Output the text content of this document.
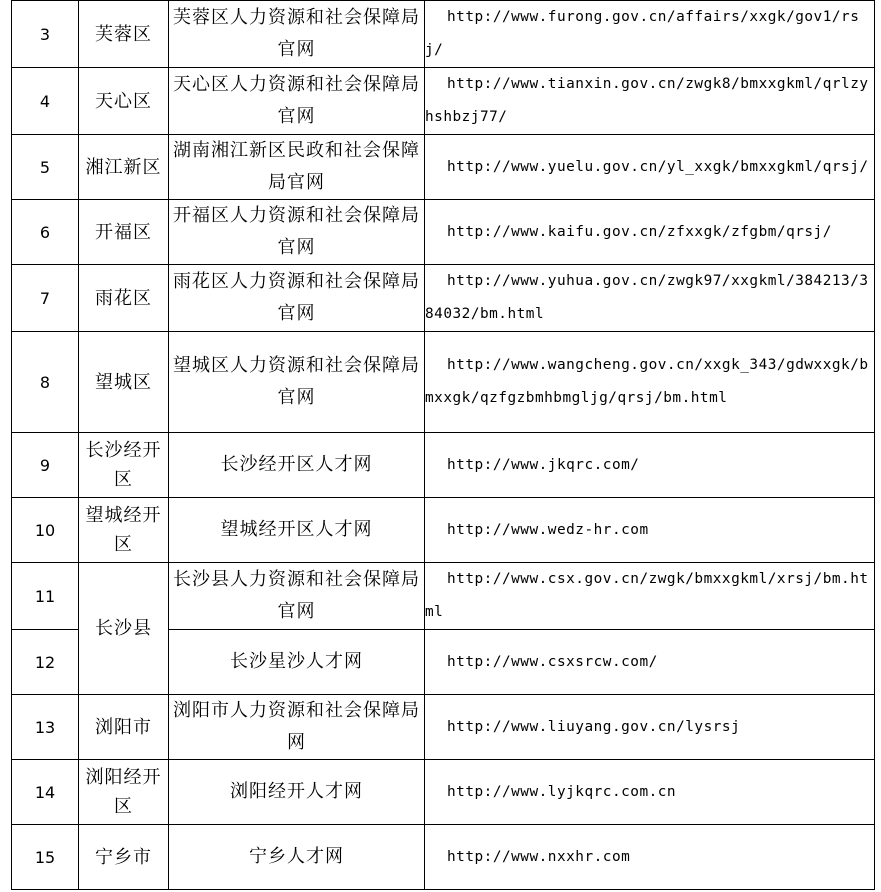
3	芙蓉区	芙蓉区人力资源和社会保障局官网	http://www.furong.gov.cn/affairs/xxgk/gov1/rsj/
4	天心区	天心区人力资源和社会保障局官网	http://www.tianxin.gov.cn/zwgk8/bmxxgkml/qrlzyhshbzj77/
5	湘江新区	湖南湘江新区民政和社会保障局官网	http://www.yuelu.gov.cn/yl_xxgk/bmxxgkml/qrsj/
6	开福区	开福区人力资源和社会保障局官网	http://www.kaifu.gov.cn/zfxxgk/zfgbm/qrsj/
7	雨花区	雨花区人力资源和社会保障局官网	http://www.yuhua.gov.cn/zwgk97/xxgkml/384213/384032/bm.html
8	望城区	望城区人力资源和社会保障局官网	http://www.wangcheng.gov.cn/xxgk_343/gdwxxgk/bmxxgk/qzfgzbmhbmgljg/qrsj/bm.html
9	长沙经开区	长沙经开区人才网	http://www.jkqrc.com/
10	望城经开区	望城经开区人才网	http://www.wedz-hr.com
11	长沙县	长沙县人力资源和社会保障局官网	http://www.csx.gov.cn/zwgk/bmxxgkml/xrsj/bm.html
12		长沙星沙人才网	http://www.csxsrcw.com/
13	浏阳市	浏阳市人力资源和社会保障局网	http://www.liuyang.gov.cn/lysrsj
14	浏阳经开区	浏阳经开人才网	http://www.lyjkqrc.com.cn
15	宁乡市	宁乡人才网	http://www.nxxhr.com
